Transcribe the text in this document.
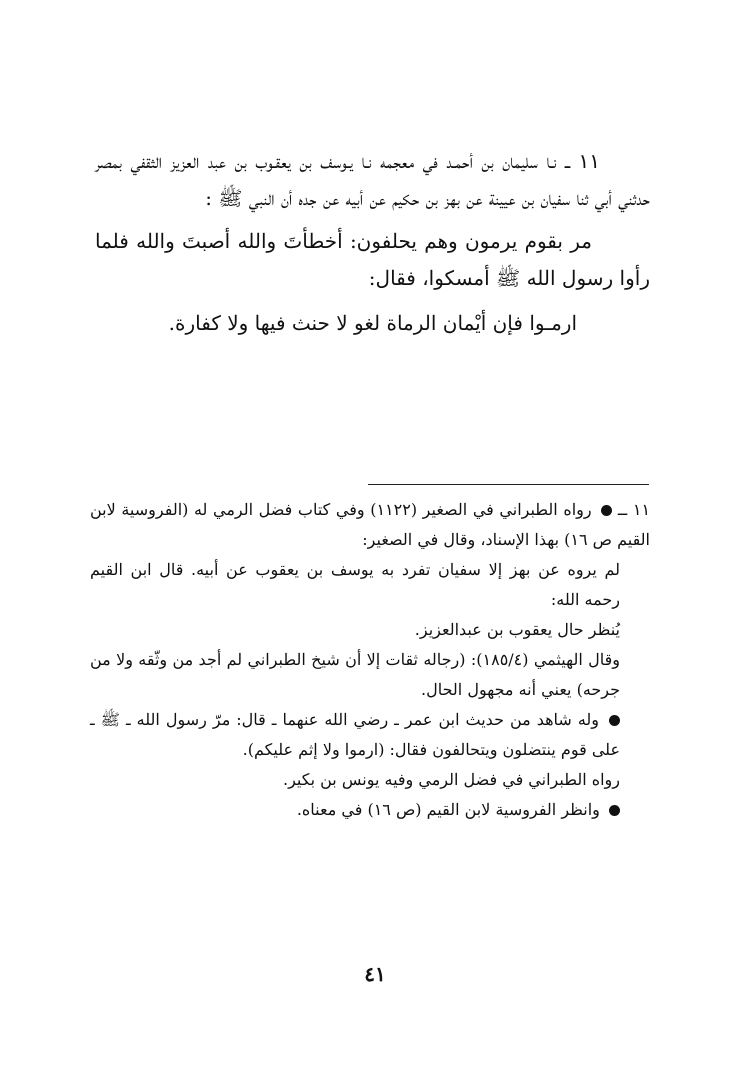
١١ ــ نـا سليمان بن أحمـد في معجمه نـا يـوسف بن يعقـوب بن عبد العزيز الثقفي بمصر حدثني أبي ثنا سفيان بن عيينة عن بهز بن حكيم عن أبيه عن جده أن النبي ﷺ :

مر بقوم يرمون وهم يحلفون: أخطأتَ والله أصبتَ والله فلما رأوا رسول الله ﷺ أمسكوا، فقال:

ارمـوا فإن أيْمان الرماة لغو لا حنث فيها ولا كفارة.

١١ ــ  رواه الطبراني في الصغير (١١٢٢) وفي كتاب فضل الرمي له (الفروسية لابن القيم ص ١٦) بهذا الإسناد، وقال في الصغير:

لم يروه عن بهز إلا سفيان تفرد به يوسف بن يعقوب عن أبيه. قال ابن القيم رحمه الله:

يُنظر حال يعقوب بن عبدالعزيز.

وقال الهيثمي (١٨٥/٤): (رجاله ثقات إلا أن شيخ الطبراني لم أجد من وثّقه ولا من جرحه) يعني أنه مجهول الحال.

وله شاهد من حديث ابن عمر ـ رضي الله عنهما ـ قال: مرّ رسول الله ـ ﷺ ـ على قوم ينتضلون ويتحالفون فقال: (ارموا ولا إثم عليكم).

رواه الطبراني في فضل الرمي وفيه يونس بن بكير.

وانظر الفروسية لابن القيم (ص ١٦) في معناه.

٤١
